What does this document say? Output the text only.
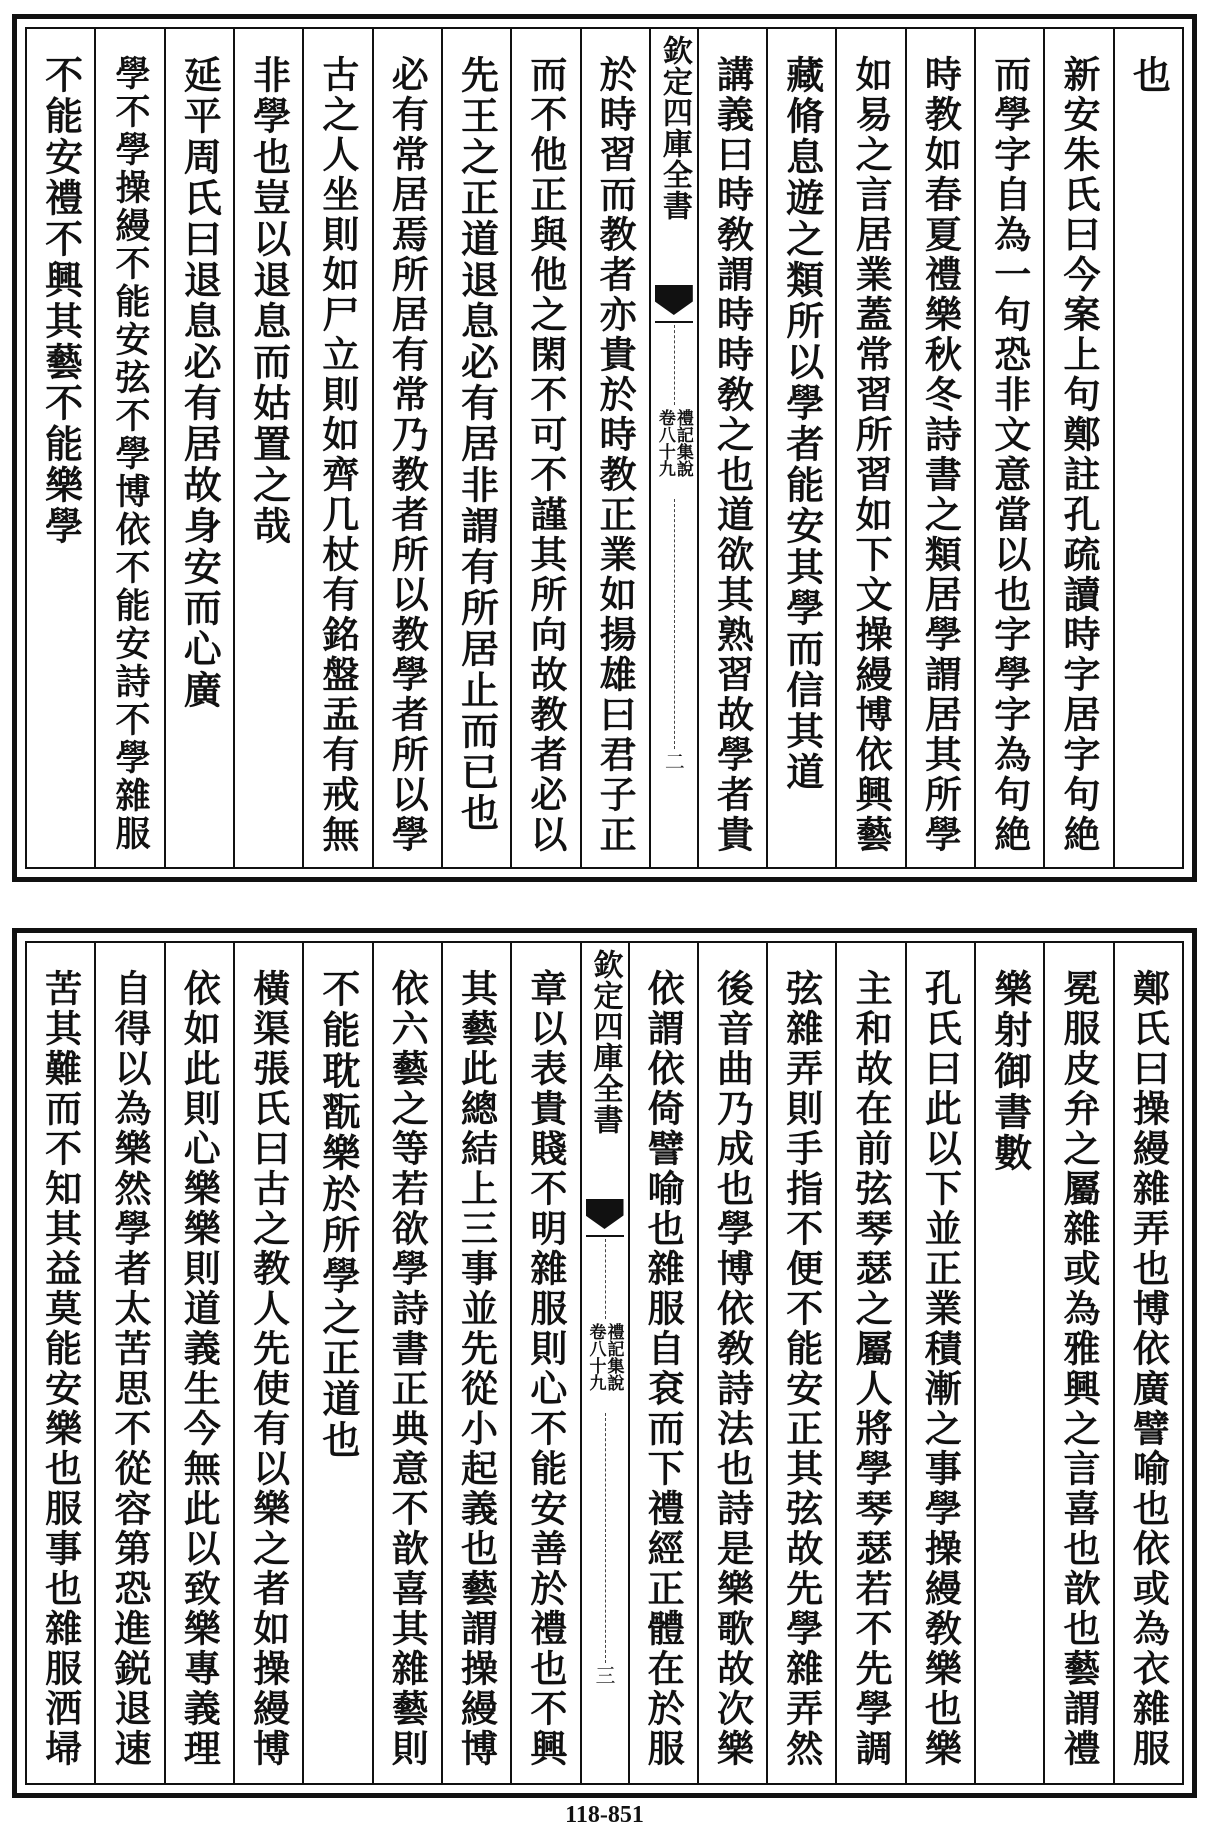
也
新安朱氏曰今案上句鄭註孔疏讀時字居字句絶
而學字自為一句恐非文意當以也字學字為句絶
時教如春夏禮樂秋冬詩書之類居學謂居其所學
如易之言居業蓋常習所習如下文操縵博依興藝
藏脩息遊之類所以學者能安其學而信其道
講義曰時敎謂時時敎之也道欲其熟習故學者貴
欽定四庫全書
禮記集說
卷八十九
二
於時習而教者亦貴於時教正業如揚雄曰君子正
而不他正與他之閑不可不謹其所向故教者必以
先王之正道退息必有居非謂有所居止而已也
必有常居焉所居有常乃教者所以教學者所以學
古之人坐則如尸立則如齊几杖有銘盤盂有戒無
非學也豈以退息而姑置之哉
延平周氏曰退息必有居故身安而心廣
學不學操縵不能安弦不學博依不能安詩不學雜服
不能安禮不興其藝不能樂學
鄭氏曰操縵雜弄也博依廣譬喻也依或為衣雜服
冕服皮弁之屬雜或為雅興之言喜也歆也藝謂禮
樂射御書數
孔氏曰此以下並正業積漸之事學操縵敎樂也樂
主和故在前弦琴瑟之屬人將學琴瑟若不先學調
弦雜弄則手指不便不能安正其弦故先學雜弄然
後音曲乃成也學博依敎詩法也詩是樂歌故次樂
依謂依倚譬喻也雜服自袞而下禮經正體在於服
欽定四庫全書
禮記集說
卷八十九
三
章以表貴賤不明雜服則心不能安善於禮也不興
其藝此總結上三事並先從小起義也藝謂操縵博
依六藝之等若欲學詩書正典意不歆喜其雜藝則
不能耽翫樂於所學之正道也
橫渠張氏曰古之教人先使有以樂之者如操縵博
依如此則心樂樂則道義生今無此以致樂專義理
自得以為樂然學者太苦思不從容第恐進鋭退速
苦其難而不知其益莫能安樂也服事也雜服洒埽
118-851
